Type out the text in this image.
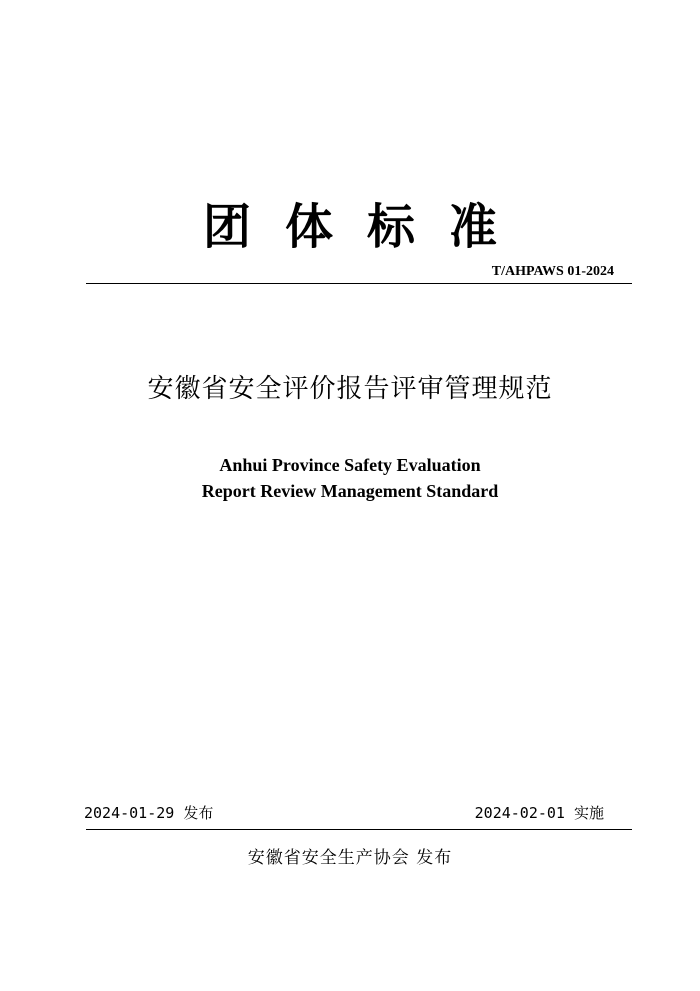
团体标准
T/AHPAWS 01-2024
安徽省安全评价报告评审管理规范
Anhui Province Safety Evaluation
Report Review Management Standard
2024-01-29 发布	2024-02-01 实施
安徽省安全生产协会 发布
